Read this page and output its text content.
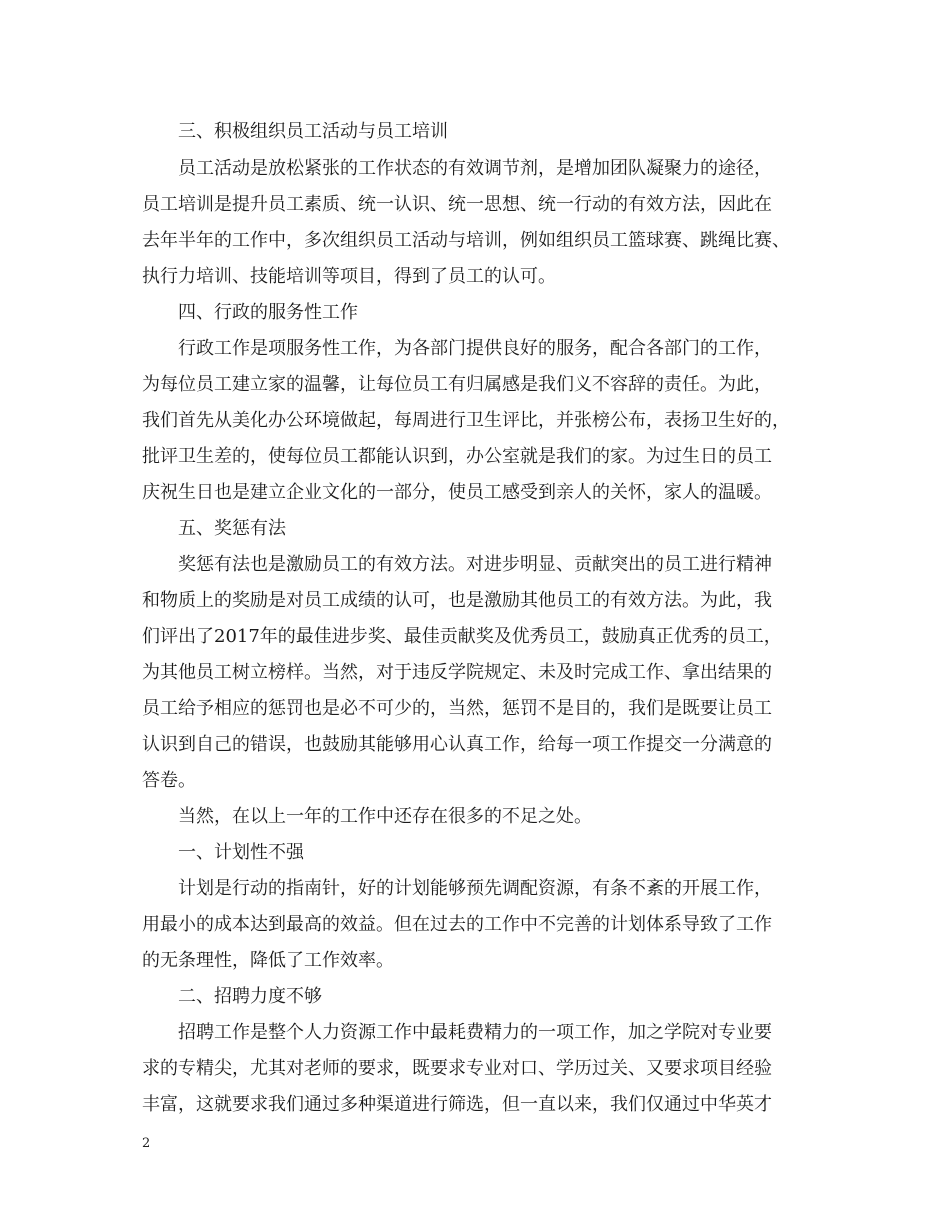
三、积极组织员工活动与员工培训
员工活动是放松紧张的工作状态的有效调节剂，是增加团队凝聚力的途径，
员工培训是提升员工素质、统一认识、统一思想、统一行动的有效方法，因此在
去年半年的工作中，多次组织员工活动与培训，例如组织员工篮球赛、跳绳比赛、
执行力培训、技能培训等项目，得到了员工的认可。
四、行政的服务性工作
行政工作是项服务性工作，为各部门提供良好的服务，配合各部门的工作，
为每位员工建立家的温馨，让每位员工有归属感是我们义不容辞的责任。为此，
我们首先从美化办公环境做起，每周进行卫生评比，并张榜公布，表扬卫生好的，
批评卫生差的，使每位员工都能认识到，办公室就是我们的家。为过生日的员工
庆祝生日也是建立企业文化的一部分，使员工感受到亲人的关怀，家人的温暖。
五、奖惩有法
奖惩有法也是激励员工的有效方法。对进步明显、贡献突出的员工进行精神
和物质上的奖励是对员工成绩的认可，也是激励其他员工的有效方法。为此，我
们评出了2017年的最佳进步奖、最佳贡献奖及优秀员工，鼓励真正优秀的员工，
为其他员工树立榜样。当然，对于违反学院规定、未及时完成工作、拿出结果的
员工给予相应的惩罚也是必不可少的，当然，惩罚不是目的，我们是既要让员工
认识到自己的错误，也鼓励其能够用心认真工作，给每一项工作提交一分满意的
答卷。
当然，在以上一年的工作中还存在很多的不足之处。
一、计划性不强
计划是行动的指南针，好的计划能够预先调配资源，有条不紊的开展工作，
用最小的成本达到最高的效益。但在过去的工作中不完善的计划体系导致了工作
的无条理性，降低了工作效率。
二、招聘力度不够
招聘工作是整个人力资源工作中最耗费精力的一项工作，加之学院对专业要
求的专精尖，尤其对老师的要求，既要求专业对口、学历过关、又要求项目经验
丰富，这就要求我们通过多种渠道进行筛选，但一直以来，我们仅通过中华英才
2
